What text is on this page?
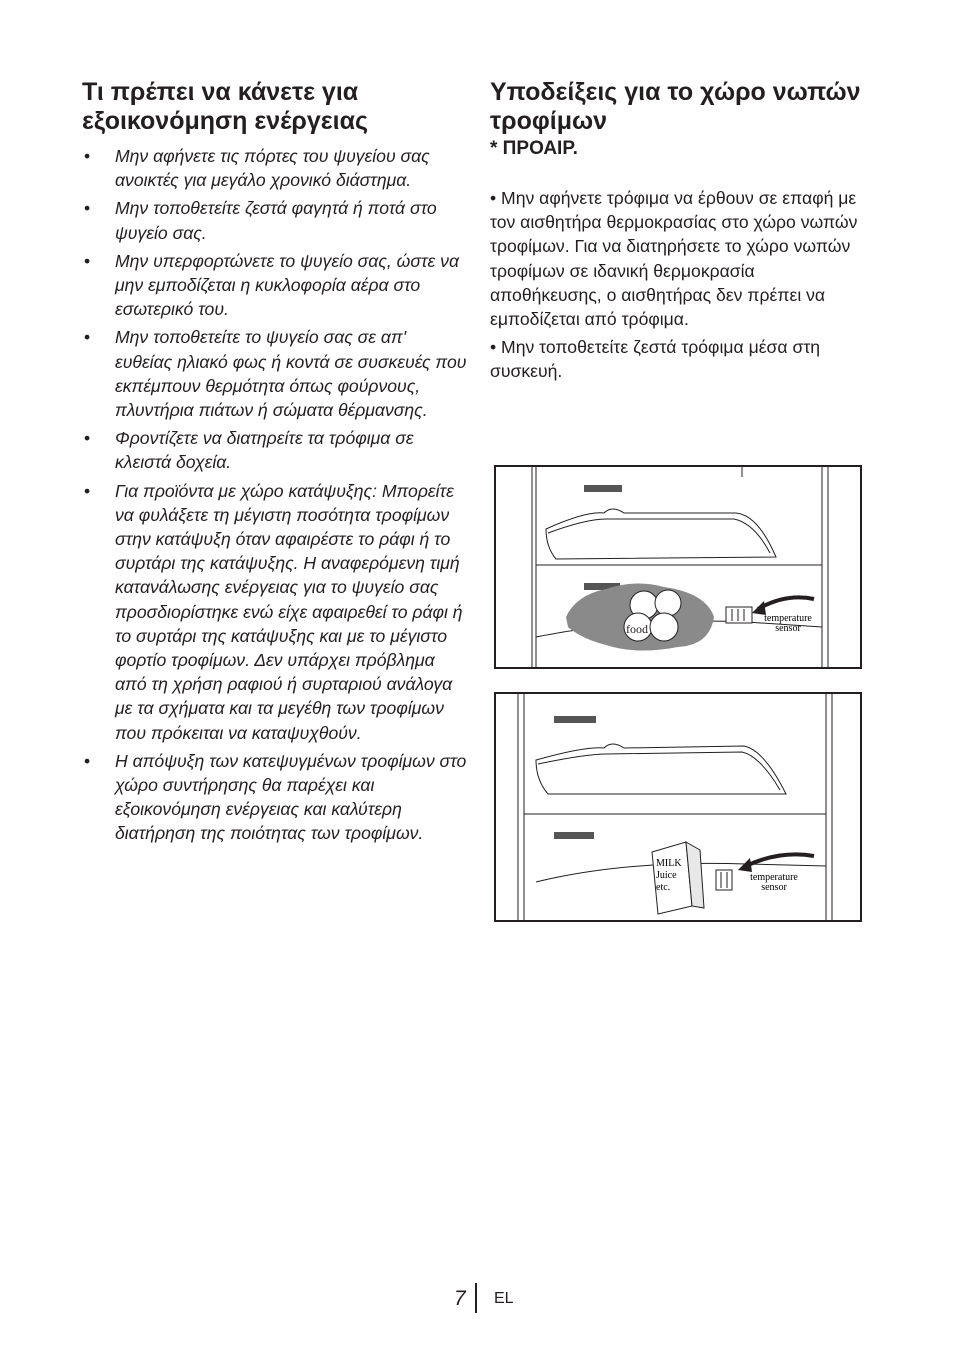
Τι πρέπει να κάνετε για εξοικονόμηση ενέργειας
• Μην αφήνετε τις πόρτες του ψυγείου σας ανοικτές για μεγάλο χρονικό διάστημα.
• Μην τοποθετείτε ζεστά φαγητά ή ποτά στο ψυγείο σας.
• Μην υπερφορτώνετε το ψυγείο σας, ώστε να μην εμποδίζεται η κυκλοφορία αέρα στο εσωτερικό του.
• Μην τοποθετείτε το ψυγείο σας σε απ' ευθείας ηλιακό φως ή κοντά σε συσκευές που εκπέμπουν θερμότητα όπως φούρνους, πλυντήρια πιάτων ή σώματα θέρμανσης.
• Φροντίζετε να διατηρείτε τα τρόφιμα σε κλειστά δοχεία.
• Για προϊόντα με χώρο κατάψυξης: Μπορείτε να φυλάξετε τη μέγιστη ποσότητα τροφίμων στην κατάψυξη όταν αφαιρέστε το ράφι ή το συρτάρι της κατάψυξης. Η αναφερόμενη τιμή κατανάλωσης ενέργειας για το ψυγείο σας προσδιορίστηκε ενώ είχε αφαιρεθεί το ράφι ή το συρτάρι της κατάψυξης και με το μέγιστο φορτίο τροφίμων. Δεν υπάρχει πρόβλημα από τη χρήση ραφιού ή συρταριού ανάλογα με τα σχήματα και τα μεγέθη των τροφίμων που πρόκειται να καταψυχθούν.
• Η απόψυξη των κατεψυγμένων τροφίμων στο χώρο συντήρησης θα παρέχει και εξοικονόμηση ενέργειας και καλύτερη διατήρηση της ποιότητας των τροφίμων.
Υποδείξεις για το χώρο νωπών τροφίμων
* ΠΡΟΑΙΡ.
• Μην αφήνετε τρόφιμα να έρθουν σε επαφή με τον αισθητήρα θερμοκρασίας στο χώρο νωπών τροφίμων. Για να διατηρήσετε το χώρο νωπών τροφίμων σε ιδανική θερμοκρασία αποθήκευσης, ο αισθητήρας δεν πρέπει να εμποδίζεται από τρόφιμα.
• Μην τοποθετείτε ζεστά τρόφιμα μέσα στη συσκευή.
food
temperature
sensor
MILK
Juice
etc.
temperature
sensor
7 EL
